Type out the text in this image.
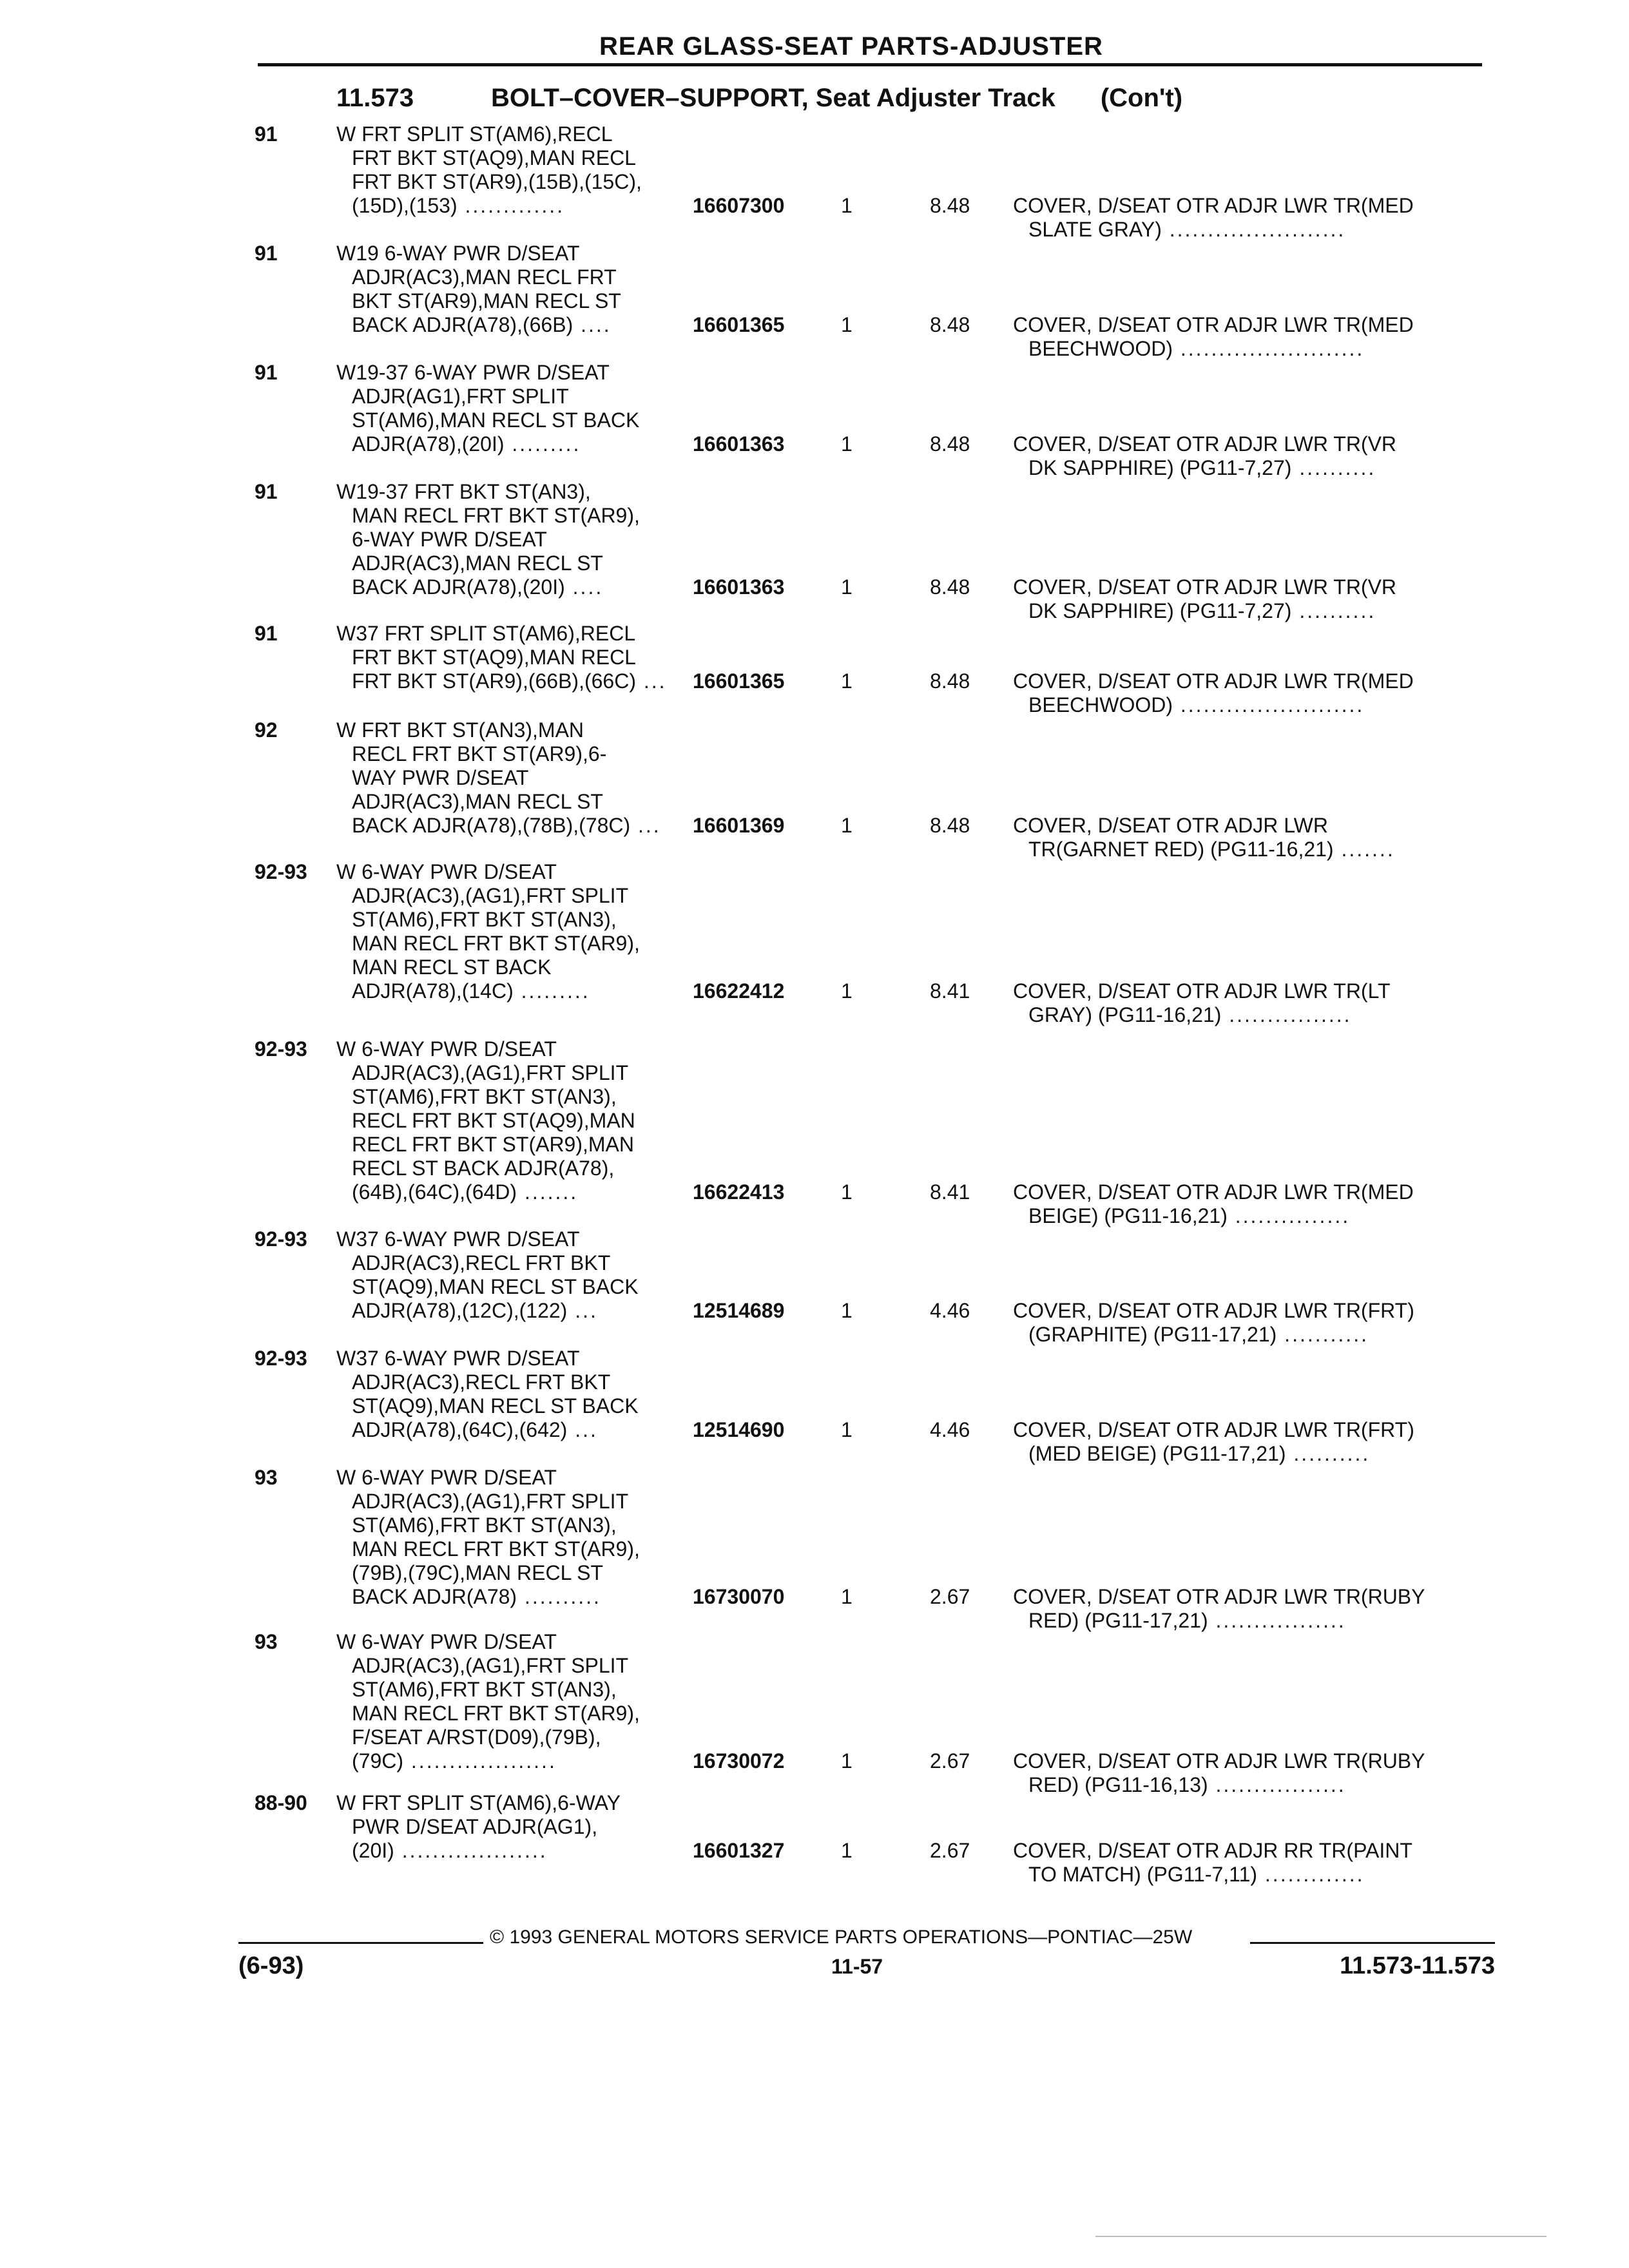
REAR GLASS-SEAT PARTS-ADJUSTER
11.573	BOLT–COVER–SUPPORT, Seat Adjuster Track (Con't)
91	W FRT SPLIT ST(AM6),RECL
FRT BKT ST(AQ9),MAN RECL
FRT BKT ST(AR9),(15B),(15C),
(15D),(153) .............	16607300	1	8.48 COVER, D/SEAT OTR ADJR LWR TR(MED
SLATE GRAY) .......................
91	W19 6-WAY PWR D/SEAT
ADJR(AC3),MAN RECL FRT
BKT ST(AR9),MAN RECL ST
BACK ADJR(A78),(66B) ....	16601365	1	8.48 COVER, D/SEAT OTR ADJR LWR TR(MED
BEECHWOOD) ........................
91	W19-37 6-WAY PWR D/SEAT
ADJR(AG1),FRT SPLIT
ST(AM6),MAN RECL ST BACK
ADJR(A78),(20I) .........	16601363	1	8.48 COVER, D/SEAT OTR ADJR LWR TR(VR
DK SAPPHIRE) (PG11-7,27) ..........
91	W19-37 FRT BKT ST(AN3),
MAN RECL FRT BKT ST(AR9),
6-WAY PWR D/SEAT
ADJR(AC3),MAN RECL ST
BACK ADJR(A78),(20I) ....	16601363	1	8.48 COVER, D/SEAT OTR ADJR LWR TR(VR
DK SAPPHIRE) (PG11-7,27) ..........
91	W37 FRT SPLIT ST(AM6),RECL
FRT BKT ST(AQ9),MAN RECL
FRT BKT ST(AR9),(66B),(66C) ...	16601365	1	8.48 COVER, D/SEAT OTR ADJR LWR TR(MED
BEECHWOOD) ........................
92	W FRT BKT ST(AN3),MAN
RECL FRT BKT ST(AR9),6-
WAY PWR D/SEAT
ADJR(AC3),MAN RECL ST
BACK ADJR(A78),(78B),(78C) ...	16601369	1	8.48 COVER, D/SEAT OTR ADJR LWR
TR(GARNET RED) (PG11-16,21) .......
92-93 W 6-WAY PWR D/SEAT
ADJR(AC3),(AG1),FRT SPLIT
ST(AM6),FRT BKT ST(AN3),
MAN RECL FRT BKT ST(AR9),
MAN RECL ST BACK
ADJR(A78),(14C) .........	16622412	1	8.41 COVER, D/SEAT OTR ADJR LWR TR(LT
GRAY) (PG11-16,21) ................
92-93 W 6-WAY PWR D/SEAT
ADJR(AC3),(AG1),FRT SPLIT
ST(AM6),FRT BKT ST(AN3),
RECL FRT BKT ST(AQ9),MAN
RECL FRT BKT ST(AR9),MAN
RECL ST BACK ADJR(A78),
(64B),(64C),(64D) .......	16622413	1	8.41 COVER, D/SEAT OTR ADJR LWR TR(MED
BEIGE) (PG11-16,21) ...............
92-93 W37 6-WAY PWR D/SEAT
ADJR(AC3),RECL FRT BKT
ST(AQ9),MAN RECL ST BACK
ADJR(A78),(12C),(122) ...	12514689	1	4.46 COVER, D/SEAT OTR ADJR LWR TR(FRT)
(GRAPHITE) (PG11-17,21) ...........
92-93 W37 6-WAY PWR D/SEAT
ADJR(AC3),RECL FRT BKT
ST(AQ9),MAN RECL ST BACK
ADJR(A78),(64C),(642) ...	12514690	1	4.46 COVER, D/SEAT OTR ADJR LWR TR(FRT)
(MED BEIGE) (PG11-17,21) ..........
93	W 6-WAY PWR D/SEAT
ADJR(AC3),(AG1),FRT SPLIT
ST(AM6),FRT BKT ST(AN3),
MAN RECL FRT BKT ST(AR9),
(79B),(79C),MAN RECL ST
BACK ADJR(A78) ..........	16730070	1	2.67 COVER, D/SEAT OTR ADJR LWR TR(RUBY
RED) (PG11-17,21) .................
93	W 6-WAY PWR D/SEAT
ADJR(AC3),(AG1),FRT SPLIT
ST(AM6),FRT BKT ST(AN3),
MAN RECL FRT BKT ST(AR9),
F/SEAT A/RST(D09),(79B),
(79C) ...................	16730072	1	2.67 COVER, D/SEAT OTR ADJR LWR TR(RUBY
RED) (PG11-16,13) .................
88-90 W FRT SPLIT ST(AM6),6-WAY
PWR D/SEAT ADJR(AG1),
(20I) ...................	16601327	1	2.67 COVER, D/SEAT OTR ADJR RR TR(PAINT
TO MATCH) (PG11-7,11) .............
© 1993 GENERAL MOTORS SERVICE PARTS OPERATIONS—PONTIAC—25W
(6-93)	11-57	11.573-11.573
